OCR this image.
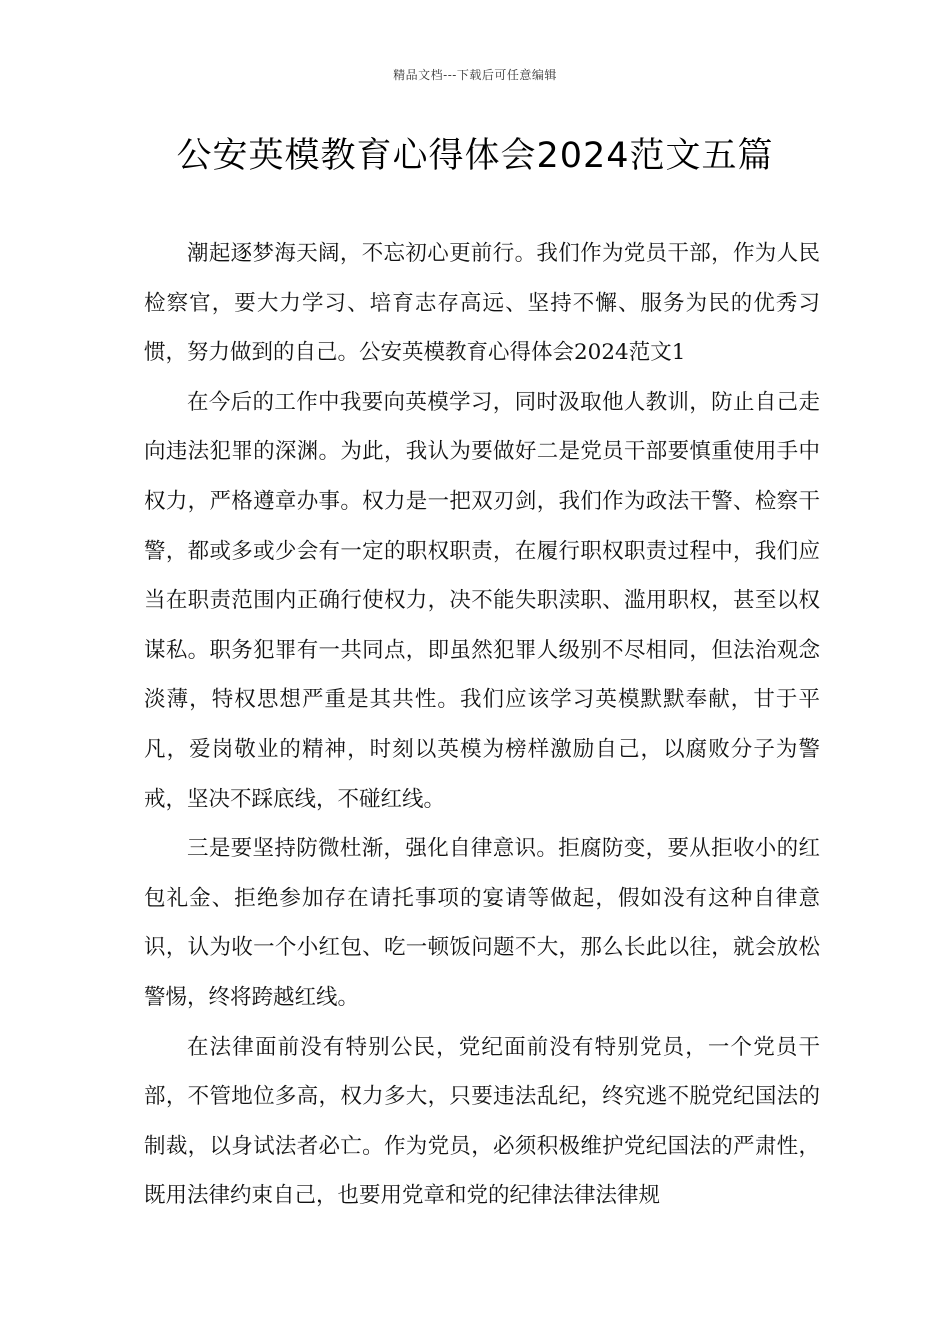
精品文档---下载后可任意编辑
公安英模教育心得体会2024范文五篇

潮起逐梦海天阔，不忘初心更前行。我们作为党员干部，作为人民检察官，要大力学习、培育志存高远、坚持不懈、服务为民的优秀习惯，努力做到的自己。公安英模教育心得体会2024范文1

在今后的工作中我要向英模学习，同时汲取他人教训，防止自己走向违法犯罪的深渊。为此，我认为要做好二是党员干部要慎重使用手中权力，严格遵章办事。权力是一把双刃剑，我们作为政法干警、检察干警，都或多或少会有一定的职权职责，在履行职权职责过程中，我们应当在职责范围内正确行使权力，决不能失职渎职、滥用职权，甚至以权谋私。职务犯罪有一共同点，即虽然犯罪人级别不尽相同，但法治观念淡薄，特权思想严重是其共性。我们应该学习英模默默奉献，甘于平凡，爱岗敬业的精神，时刻以英模为榜样激励自己，以腐败分子为警戒，坚决不踩底线，不碰红线。

三是要坚持防微杜渐，强化自律意识。拒腐防变，要从拒收小的红包礼金、拒绝参加存在请托事项的宴请等做起，假如没有这种自律意识，认为收一个小红包、吃一顿饭问题不大，那么长此以往，就会放松警惕，终将跨越红线。

在法律面前没有特别公民，党纪面前没有特别党员，一个党员干部，不管地位多高，权力多大，只要违法乱纪，终究逃不脱党纪国法的制裁，以身试法者必亡。作为党员，必须积极维护党纪国法的严肃性，既用法律约束自己，也要用党章和党的纪律法律法律规
